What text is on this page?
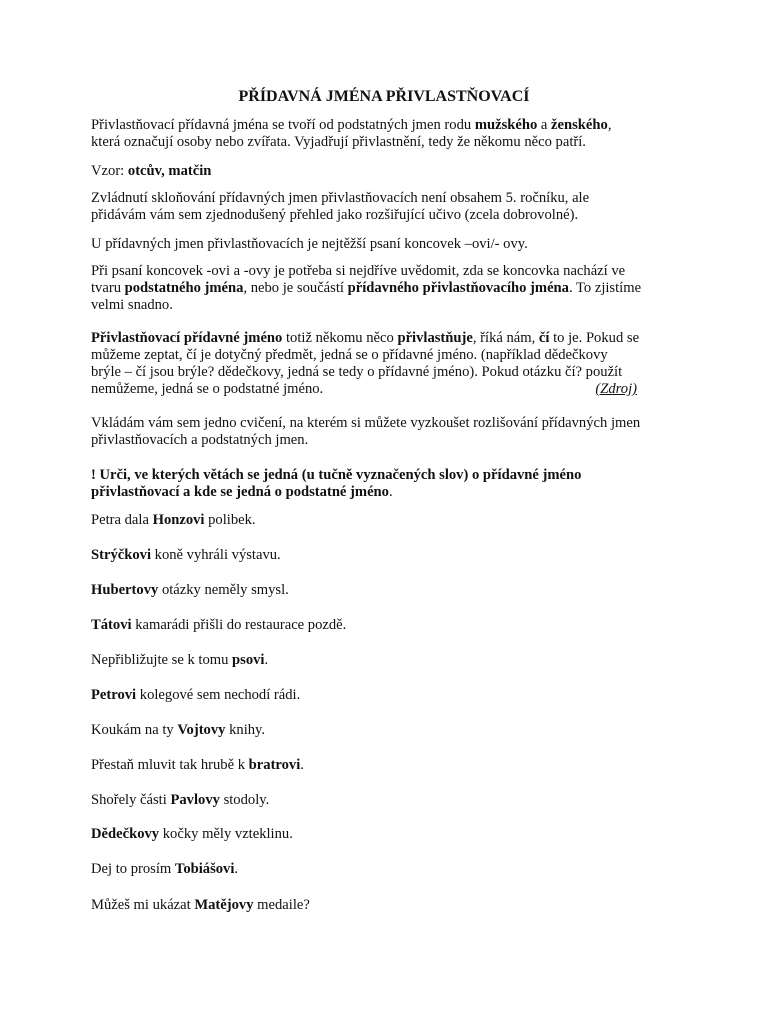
PŘÍDAVNÁ JMÉNA PŘIVLASTŇOVACÍ

Přivlastňovací přídavná jména se tvoří od podstatných jmen rodu mužského a ženského,
která označují osoby nebo zvířata. Vyjadřují přivlastnění, tedy že někomu něco patří.

Vzor: otcův, matčin

Zvládnutí skloňování přídavných jmen přivlastňovacích není obsahem 5. ročníku, ale
přidávám vám sem zjednodušený přehled jako rozšiřující učivo (zcela dobrovolné).

U přídavných jmen přivlastňovacích je nejtěžší psaní koncovek –ovi/- ovy.

Při psaní koncovek -ovi a -ovy je potřeba si nejdříve uvědomit, zda se koncovka nachází ve
tvaru podstatného jména, nebo je součástí přídavného přivlastňovacího jména. To zjistíme
velmi snadno.

Přivlastňovací přídavné jméno totiž někomu něco přivlastňuje, říká nám, čí to je. Pokud se
můžeme zeptat, čí je dotyčný předmět, jedná se o přídavné jméno. (například dědečkovy
brýle – čí jsou brýle? dědečkovy, jedná se tedy o přídavné jméno). Pokud otázku čí? použít
nemůžeme, jedná se o podstatné jméno.	(Zdroj)

Vkládám vám sem jedno cvičení, na kterém si můžete vyzkoušet rozlišování přídavných jmen
přivlastňovacích a podstatných jmen.

! Urči, ve kterých větách se jedná (u tučně vyznačených slov) o přídavné jméno
přivlastňovací a kde se jedná o podstatné jméno.

Petra dala Honzovi polibek.

Strýčkovi koně vyhráli výstavu.

Hubertovy otázky neměly smysl.

Tátovi kamarádi přišli do restaurace pozdě.

Nepřibližujte se k tomu psovi.

Petrovi kolegové sem nechodí rádi.

Koukám na ty Vojtovy knihy.

Přestaň mluvit tak hrubě k bratrovi.

Shořely části Pavlovy stodoly.

Dědečkovy kočky měly vzteklinu.

Dej to prosím Tobiášovi.

Můžeš mi ukázat Matějovy medaile?
